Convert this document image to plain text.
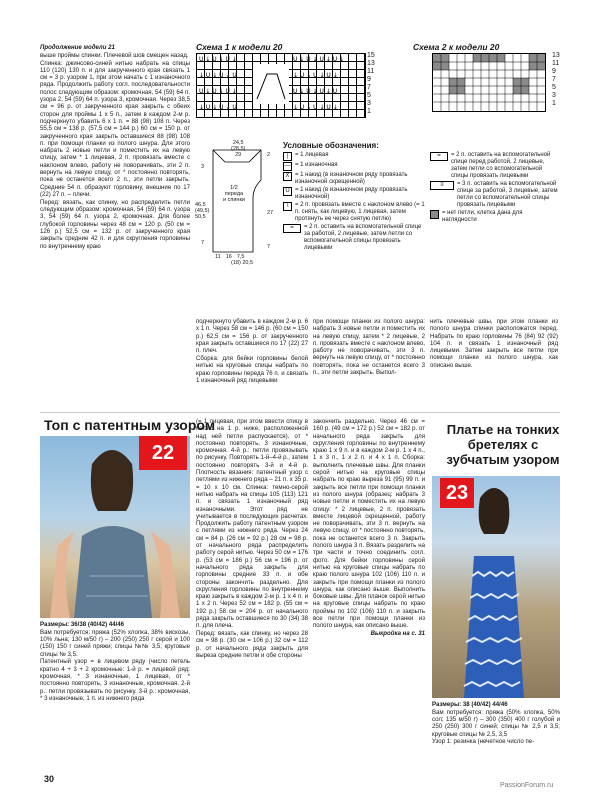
Продолжение модели 21

выше проймы спинки. Плечевой шов смещен назад.

Спинка: джинсово-синей нитью набрать на спицы 110 (120) 130 п. и для закрученного края связать 1 см = 3 р. узором 1, при этом начать с 1 изнаночного ряда. Продолжить работу согл. последовательности полос следующим образом: кромочная, 54 (59) 64 п. узора 2, 54 (59) 64 п. узора 3, кромочная. Через 38,5 см = 96 р. от закрученного края закрыть с обеих сторон для проймы 1 х 5 п., затем в каждом 2-м р. подчеркнуто убавить 6 х 1 п. = 88 (98) 108 п. Через 55,5 см = 138 р. (57,5 см = 144 р.) 60 см = 150 р. от закрученного края закрыть оставшиеся 88 (98) 108 п. при помощи планки из полого шнура. Для этого набрать 2 новые петли и поместить их на левую спицу, затем * 1 лицевая, 2 п. провязать вместе с наклоном влево, работу не поворачивать, эти 2 п. вернуть на левую спицу, от * постоянно повторять, пока не останется всего 2 п., эти петли закрыть. Средние 54 п. образуют горловину, внешние по 17 (22) 27 п. – плечи.

Перед: вязать, как спинку, но распределить петли следующим образом: кромочная, 54 (59) 64 п. узора 3, 54 (59) 64 п. узора 2, кромочная. Для более глубокой горловины через 48 см = 120 р. (50 см = 126 р.) 52,5 см = 132 р. от закрученного края закрыть средние 42 п. и для скругления горловины по внутреннему краю

Схема 1 к модели 20
U ↓ U ↓ U ↓
↓ U ↓ U ↓ U
U ↓ U ↓ U ↓
↓ U ↓ U ↓ U
U ↓ U ↓ U ↓ U ↓
↓ U ↓ U ↓ U ↓
U ↓ U ↓ U ↓ U
↓ U ↓ U ↓ U ↓
15
13
11
9
7
5
3
1
Схема 2 к модели 20
13
11
9
7
5
3
1
24,5
(28,5)
29
1/2
переда
и спинки
46,5
(49,5)
50,5
2
27
7
11 16 7,5
(18) 20,5
7
3
Условные обозначения:
|	= 1 лицевая
— = 1 изнаночная
X = 1 накид (в изнаночном ряду провязать изнаночной скрещенной)
U = 1 накид (в изнаночном ряду провязать изнаночной)
\	= 2 п. провязать вместе с наклоном влево (= 1 п. снять, как лицевую, 1 лицевая, затем протянуть ее через снятую петлю)
=	= 2 п. оставить на вспомогательной спице за работой, 2 лицевые, затем петли со вспомогательной спицы провязать лицевыми
=	= 2 п. оставить на вспомогательной спице перед работой, 2 лицевые, затем петли со вспомогательной спицы провязать лицевыми
≡	= 3 п. оставить на вспомогательной спице за работой, 3 лицевые, затем петли со вспомогательной спицы провязать лицевыми
= нет петли, клетка дана для наглядности

подчеркнуто убавить в каждом 2-м р. 6 х 1 п. Через 58 см = 146 р. (60 см = 150 р.) 62,5 см = 156 р. от закрученного края закрыть оставшиеся по 17 (22) 27 п. плеч.

Сборка: для бейки горловины белой нитью на круговые спицы набрать по краю горловины переда 76 п. и связать 1 изнаночный ряд лицевыми

при помощи планки из полого шнура: набрать 3 новые петли и поместить их на левую спицу, затем * 2 лицевые, 2 п. провязать вместе с наклоном влево, работу не поворачивать, эти 3 п. вернуть на левую спицу, от * постоянно повторять, пока не останется всего 3 п., эти петли закрыть. Выпол-

нить плечевые швы, при этом планки из полого шнура спинки расположатся перед. Набрать по краю горловины 76 (84) 92 (92) 104 п. и связать 1 изнаночный ряд лицевыми. Затем закрыть все петли при помощи планки из полого шнура, как описано выше.

Топ с патентным узором
22

Размеры: 36/38 (40/42) 44/46

Вам потребуется: пряжа (52% хлопка, 38% вискозы, 10% льна; 130 м/50 г) – 200 (250) 250 г серой и 100 (150) 150 г синей пряжи; спицы №№ 3,5; круговые спицы № 3,5.

Патентный узор = в лицевом ряду (число петель кратно 4 + 3 + 2 кромочные: 1-й р. = лицевой ряд: кромочная, * 3 изнаночные, 1 лицевая, от * постоянно повторять, 3 изнаночные, кромочная. 2-й р.: петли провязывать по рисунку. 3-й р.: кромочная, * 3 изнаночные, 1 п. из нижнего ряда

(= 1 лицевая, при этом ввести спицу в петлю на 1 р. ниже, расположенной над ней петли распускается), от * постоянно повторять, 3 изнаночные, кромочная. 4-й р.: петли провязывать по рисунку. Повторять 1-й–4-й р., затем постоянно повторять 3-й и 4-й р. Плотность вязания: патентный узор с петлями из нижнего ряда – 21 п. х 35 р. = 10 х 10 см. Спинка: темно-серой нитью набрать на спицы 105 (113) 121 п. и связать 1 изнаночный ряд изнаночными. Этот ряд не учитывается в последующих расчетах. Продолжить работу патентным узором с петлями из нижнего ряда. Через 24 см = 84 р. (26 см = 92 р.) 28 см = 98 р. от начального ряда распределить работу серой нитью. Через 50 см = 176 р. (53 см = 186 р.) 56 см = 196 р. от начального ряда закрыть для горловины средние 33 п. и обе стороны закончить раздельно. Для скругления горловины по внутреннему краю закрыть в каждом 2-м р. 1 х 4 п. и 1 х 2 п. Через 52 см = 182 р. (55 см = 192 р.) 58 см = 204 р. от начального ряда закрыть оставшиеся по 30 (34) 38 п. для плеча.

Перед: вязать, как спинку, но через 28 см = 98 р. (30 см = 106 р.) 32 см = 112 р. от начального ряда закрыть для выреза средние петли и обе стороны

закончить раздельно. Через 46 см = 160 р. (49 см = 172 р.) 52 см = 182 р. от начального ряда закрыть для скругления горловины по внутреннему краю 1 х 9 п. и в каждом 2-м р. 1 х 4 п., 1 х 3 п., 1 х 2 п. и 4 х 1 п. Сборка: выполнить плечевые швы. Для планки серой нитью на круговые спицы набрать по краю выреза 91 (95) 99 п. и закрыть все петли при помощи планки из полого шнура (образец: набрать 3 новые петли и поместить их на левую спицу: * 2 лицевые, 2 п. провязать вместе лицевой скрещенной, работу не поворачивать, эти 3 п. вернуть на левую спицу, от * постоянно повторять, пока не останется всего 3 п. Закрыть полого шнура 3 п. Вязать разделить на три части и точно соединить согл. фото. Для бейки горловины серой нитью на круговые спицы набрать по краю полого шнура 102 (106) 110 п. и закрыть при помощи планки из полого шнура, как описано выше. Выполнить боковые швы. Для планок серой нитью на круговые спицы набрать по краю проймы по 102 (106) 110 п. и закрыть все петли при помощи планки из полого шнура, как описано выше.

Выкройка на с. 31

Платье на тонких бретелях с зубчатым узором
23

Размеры: 38 (40/42) 44/46

Вам потребуется: пряжа (50% хлопка, 50% сол; 135 м/50 г) – 300 (350) 400 г голубой и 250 (250) 300 г синей; спицы № 2,5 и 3,5; круговые спицы № 2,5, 3,5

Узор 1: резинка (нечетное число пе-

30
PassionForum.ru
